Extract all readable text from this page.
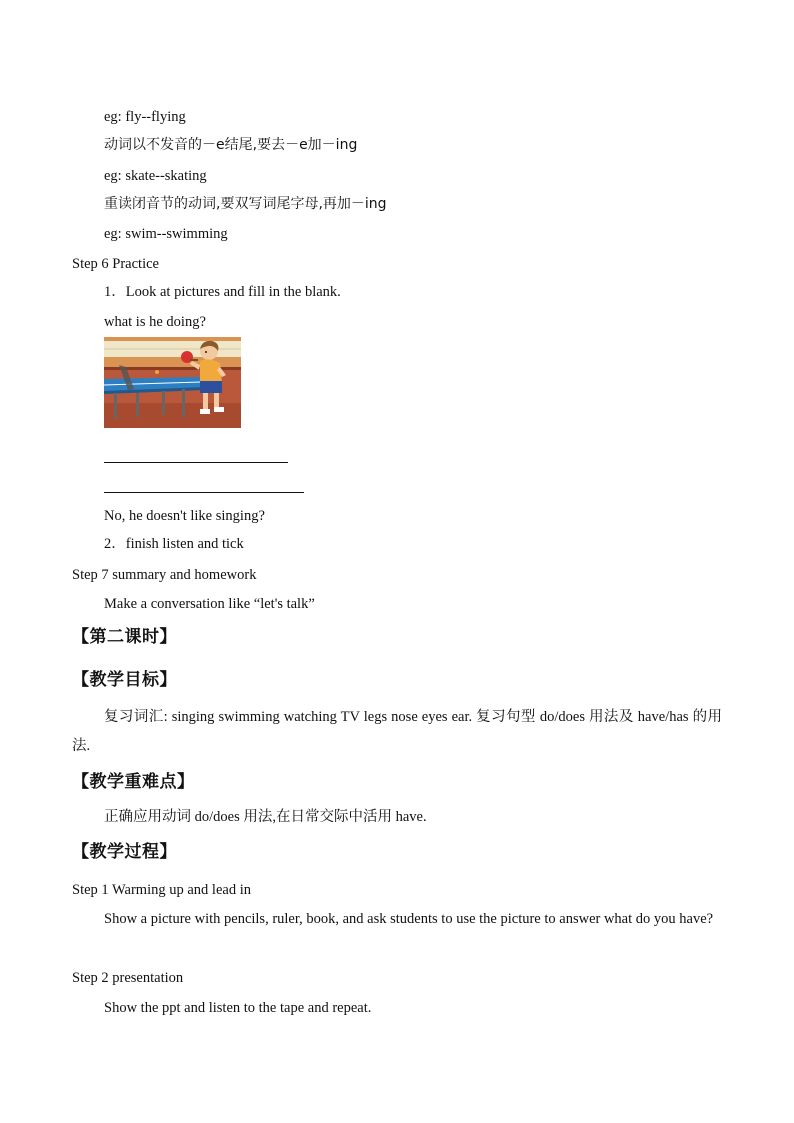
eg: fly--flying
动词以不发音的－e结尾,要去－e加－ing
eg: skate--skating
重读闭音节的动词,要双写词尾字母,再加－ing
eg: swim--swimming
Step 6 Practice
1．Look at pictures and fill in the blank.
what is he doing?
No, he doesn't like singing?
2．finish listen and tick
Step 7 summary and homework
Make a conversation like “let's talk”
【第二课时】
【教学目标】
复习词汇: singing swimming watching TV legs nose eyes ear. 复习句型 do/does 用法及 have/has 的用法.
【教学重难点】
正确应用动词 do/does 用法,在日常交际中活用 have.
【教学过程】
Step 1 Warming up and lead in
Show a picture with pencils, ruler, book, and ask students to use the picture to answer what do you have?
Step 2 presentation
Show the ppt and listen to the tape and repeat.
